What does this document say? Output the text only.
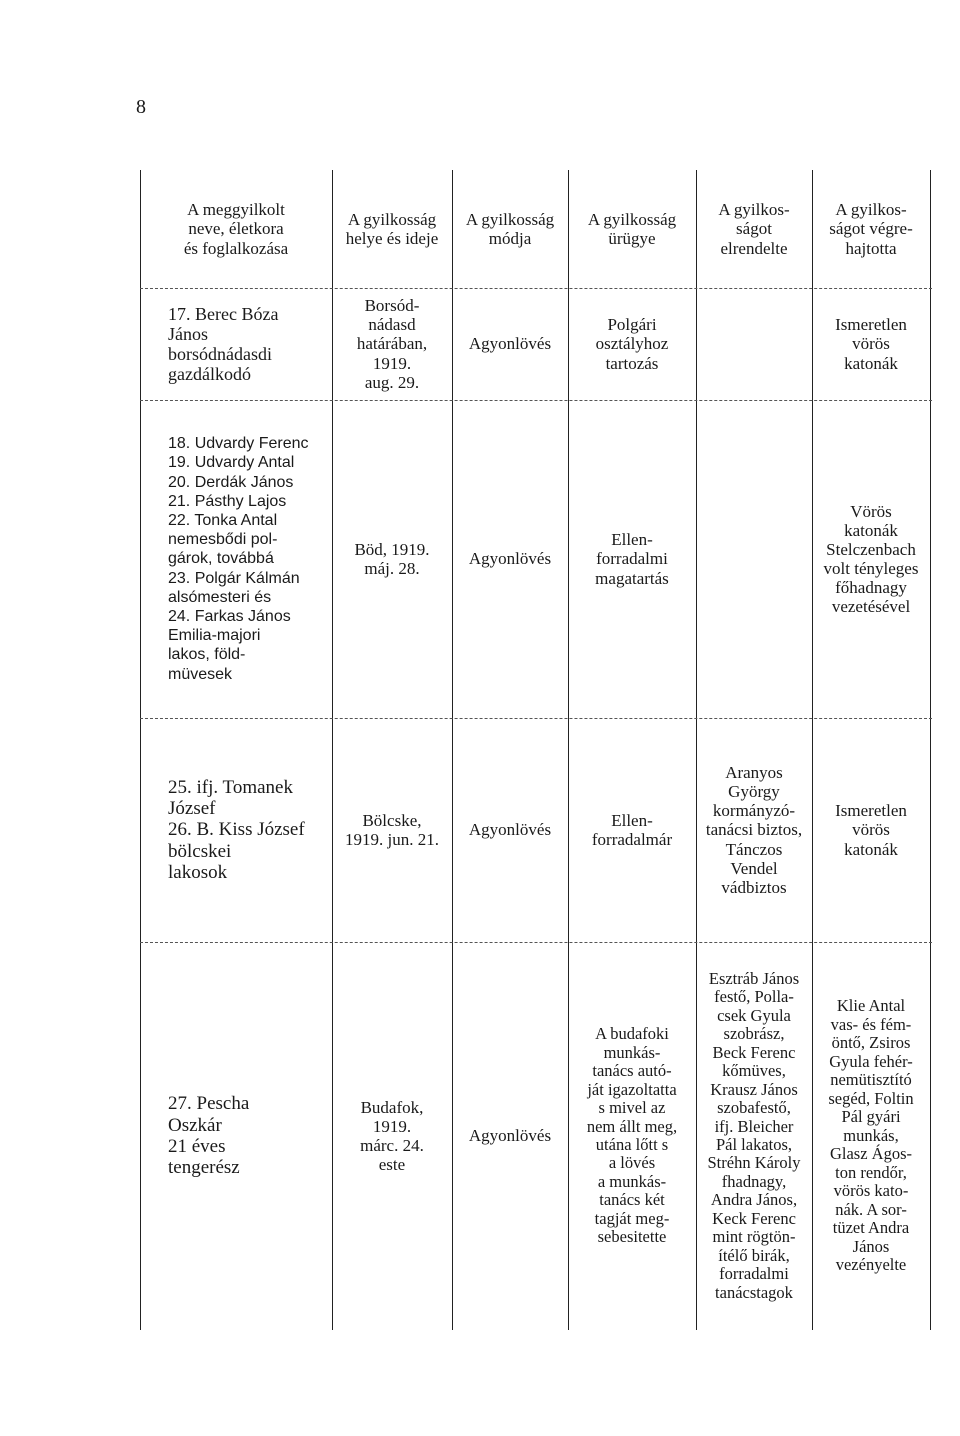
8
A meggyilkolt
neve, életkora
és foglalkozása
A gyilkosság
helye és ideje
A gyilkosság
módja
A gyilkosság
ürügye
A gyilkos-
ságot
elrendelte
A gyilkos-
ságot végre-
hajtotta
17. Berec Bóza
János
borsódnádasdi
gazdálkodó
Borsód-
nádasd
határában,
1919.
aug. 29.
Agyonlövés
Polgári
osztályhoz
tartozás
Ismeretlen
vörös
katonák
18. Udvardy Ferenc
19. Udvardy Antal
20. Derdák János
21. Pásthy Lajos
22. Tonka Antal
nemesbődi pol-
gárok, továbbá
23. Polgár Kálmán
alsómesteri és
24. Farkas János
Emilia-majori
lakos, föld-
müvesek
Böd, 1919.
máj. 28.
Agyonlövés
Ellen-
forradalmi
magatartás
Vörös
katonák
Stelczenbach
volt tényleges
főhadnagy
vezetésével
25. ifj. Tomanek
József
26. B. Kiss József
bölcskei
lakosok
Bölcske,
1919. jun. 21.
Agyonlövés
Ellen-
forradalmár
Aranyos
György
kormányzó-
tanácsi biztos,
Tánczos
Vendel
vádbiztos
Ismeretlen
vörös
katonák
27. Pescha
Oszkár
21 éves
tengerész
Budafok,
1919.
márc. 24.
este
Agyonlövés
A budafoki
munkás-
tanács autó-
ját igazoltatta
s mivel az
nem állt meg,
utána lőtt s
a lövés
a munkás-
tanács két
tagját meg-
sebesitette
Esztráb János
festő, Polla-
csek Gyula
szobrász,
Beck Ferenc
kőmüves,
Krausz János
szobafestő,
ifj. Bleicher
Pál lakatos,
Stréhn Károly
fhadnagy,
Andra János,
Keck Ferenc
mint rögtön-
ítélő birák,
forradalmi
tanácstagok
Klie Antal
vas- és fém-
öntő, Zsiros
Gyula fehér-
nemütisztító
segéd, Foltin
Pál gyári
munkás,
Glasz Ágos-
ton rendőr,
vörös kato-
nák. A sor-
tüzet Andra
János
vezényelte
